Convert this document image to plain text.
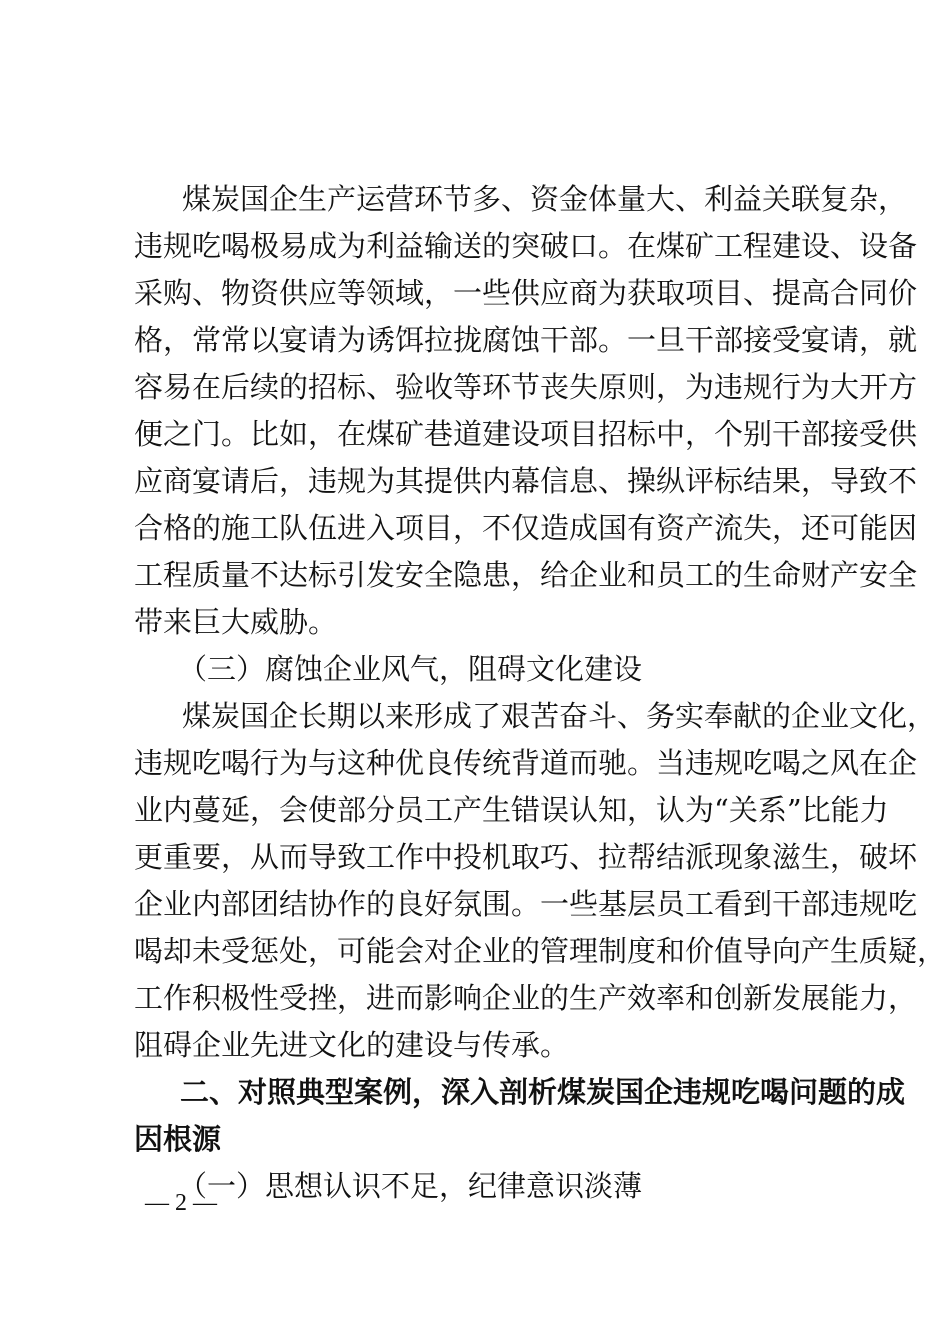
煤炭国企生产运营环节多、资金体量大、利益关联复杂，
违规吃喝极易成为利益输送的突破口。在煤矿工程建设、设备
采购、物资供应等领域，一些供应商为获取项目、提高合同价
格，常常以宴请为诱饵拉拢腐蚀干部。一旦干部接受宴请，就
容易在后续的招标、验收等环节丧失原则，为违规行为大开方
便之门。比如，在煤矿巷道建设项目招标中，个别干部接受供
应商宴请后，违规为其提供内幕信息、操纵评标结果，导致不
合格的施工队伍进入项目，不仅造成国有资产流失，还可能因
工程质量不达标引发安全隐患，给企业和员工的生命财产安全
带来巨大威胁。
（三）腐蚀企业风气，阻碍文化建设
煤炭国企长期以来形成了艰苦奋斗、务实奉献的企业文化，
违规吃喝行为与这种优良传统背道而驰。当违规吃喝之风在企
业内蔓延，会使部分员工产生错误认知，认为“关系”比能力
更重要，从而导致工作中投机取巧、拉帮结派现象滋生，破坏
企业内部团结协作的良好氛围。一些基层员工看到干部违规吃
喝却未受惩处，可能会对企业的管理制度和价值导向产生质疑，
工作积极性受挫，进而影响企业的生产效率和创新发展能力，
阻碍企业先进文化的建设与传承。
二、对照典型案例，深入剖析煤炭国企违规吃喝问题的成
因根源
（一）思想认识不足，纪律意识淡薄
— 2 —
